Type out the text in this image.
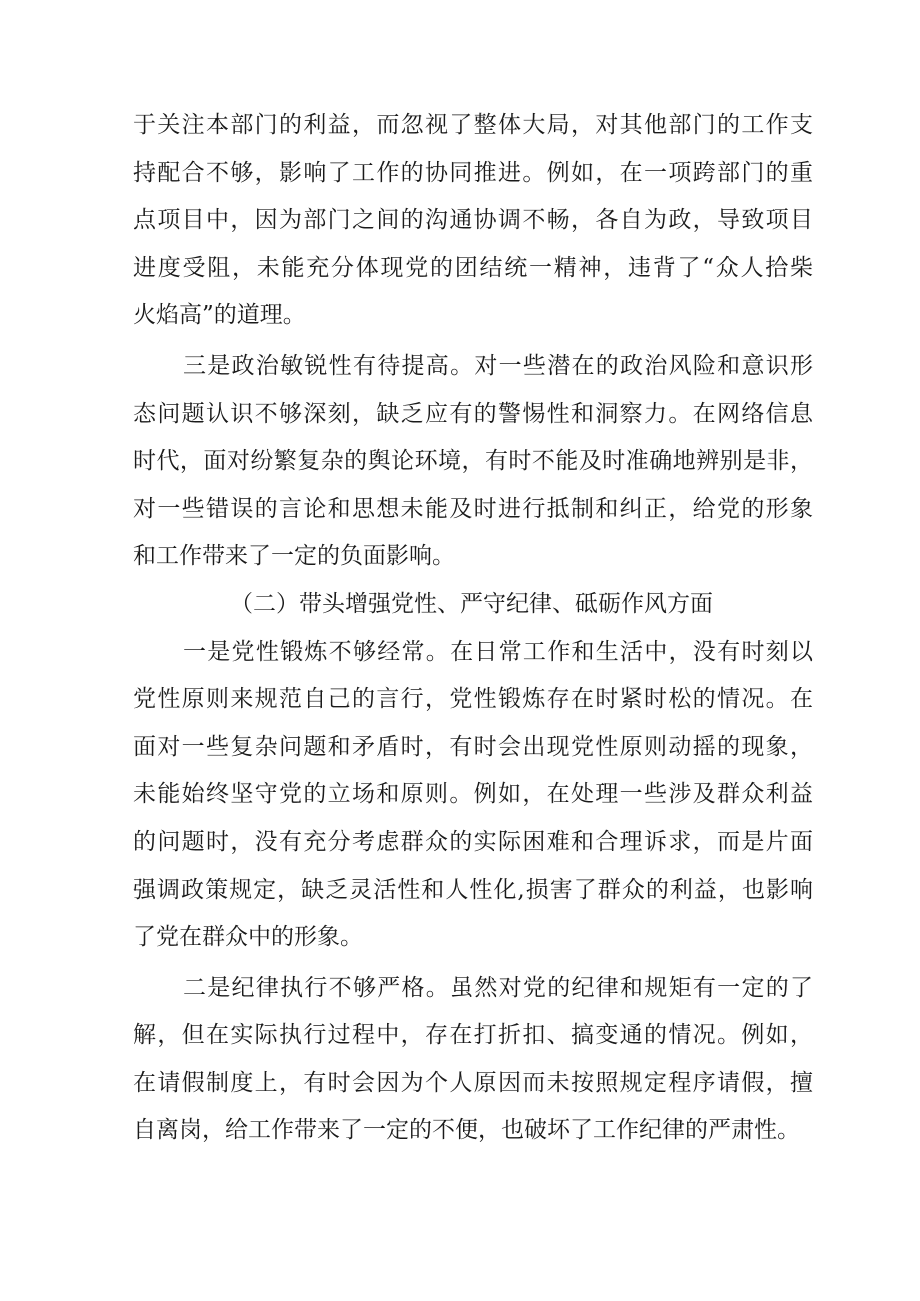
于关注本部门的利益，而忽视了整体大局，对其他部门的工作支
持配合不够，影响了工作的协同推进。例如，在一项跨部门的重
点项目中，因为部门之间的沟通协调不畅，各自为政，导致项目
进度受阻，未能充分体现党的团结统一精神，违背了“众人拾柴
火焰高”的道理。
三是政治敏锐性有待提高。对一些潜在的政治风险和意识形
态问题认识不够深刻，缺乏应有的警惕性和洞察力。在网络信息
时代，面对纷繁复杂的舆论环境，有时不能及时准确地辨别是非，
对一些错误的言论和思想未能及时进行抵制和纠正，给党的形象
和工作带来了一定的负面影响。
（二）带头增强党性、严守纪律、砥砺作风方面
一是党性锻炼不够经常。在日常工作和生活中，没有时刻以
党性原则来规范自己的言行，党性锻炼存在时紧时松的情况。在
面对一些复杂问题和矛盾时，有时会出现党性原则动摇的现象，
未能始终坚守党的立场和原则。例如，在处理一些涉及群众利益
的问题时，没有充分考虑群众的实际困难和合理诉求，而是片面
强调政策规定，缺乏灵活性和人性化,损害了群众的利益，也影响
了党在群众中的形象。
二是纪律执行不够严格。虽然对党的纪律和规矩有一定的了
解，但在实际执行过程中，存在打折扣、搞变通的情况。例如，
在请假制度上，有时会因为个人原因而未按照规定程序请假，擅
自离岗，给工作带来了一定的不便，也破坏了工作纪律的严肃性。
